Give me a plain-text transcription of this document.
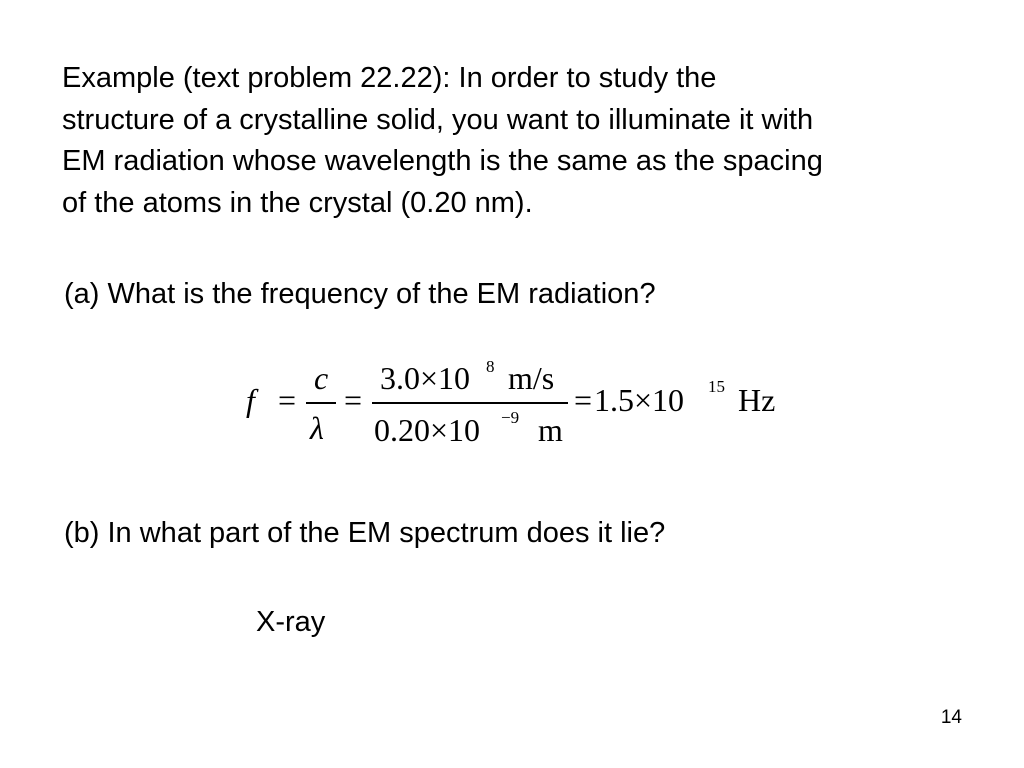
Example (text problem 22.22): In order to study the
structure of a crystalline solid, you want to illuminate it with
EM radiation whose wavelength is the same as the spacing
of the atoms in the crystal (0.20 nm).
(a) What is the frequency of the EM radiation?
f =
c
λ
=
3.0×10 8 m/s
0.20×10 −9 m
= 1.5×10 15 Hz
(b) In what part of the EM spectrum does it lie?
X-ray
14
